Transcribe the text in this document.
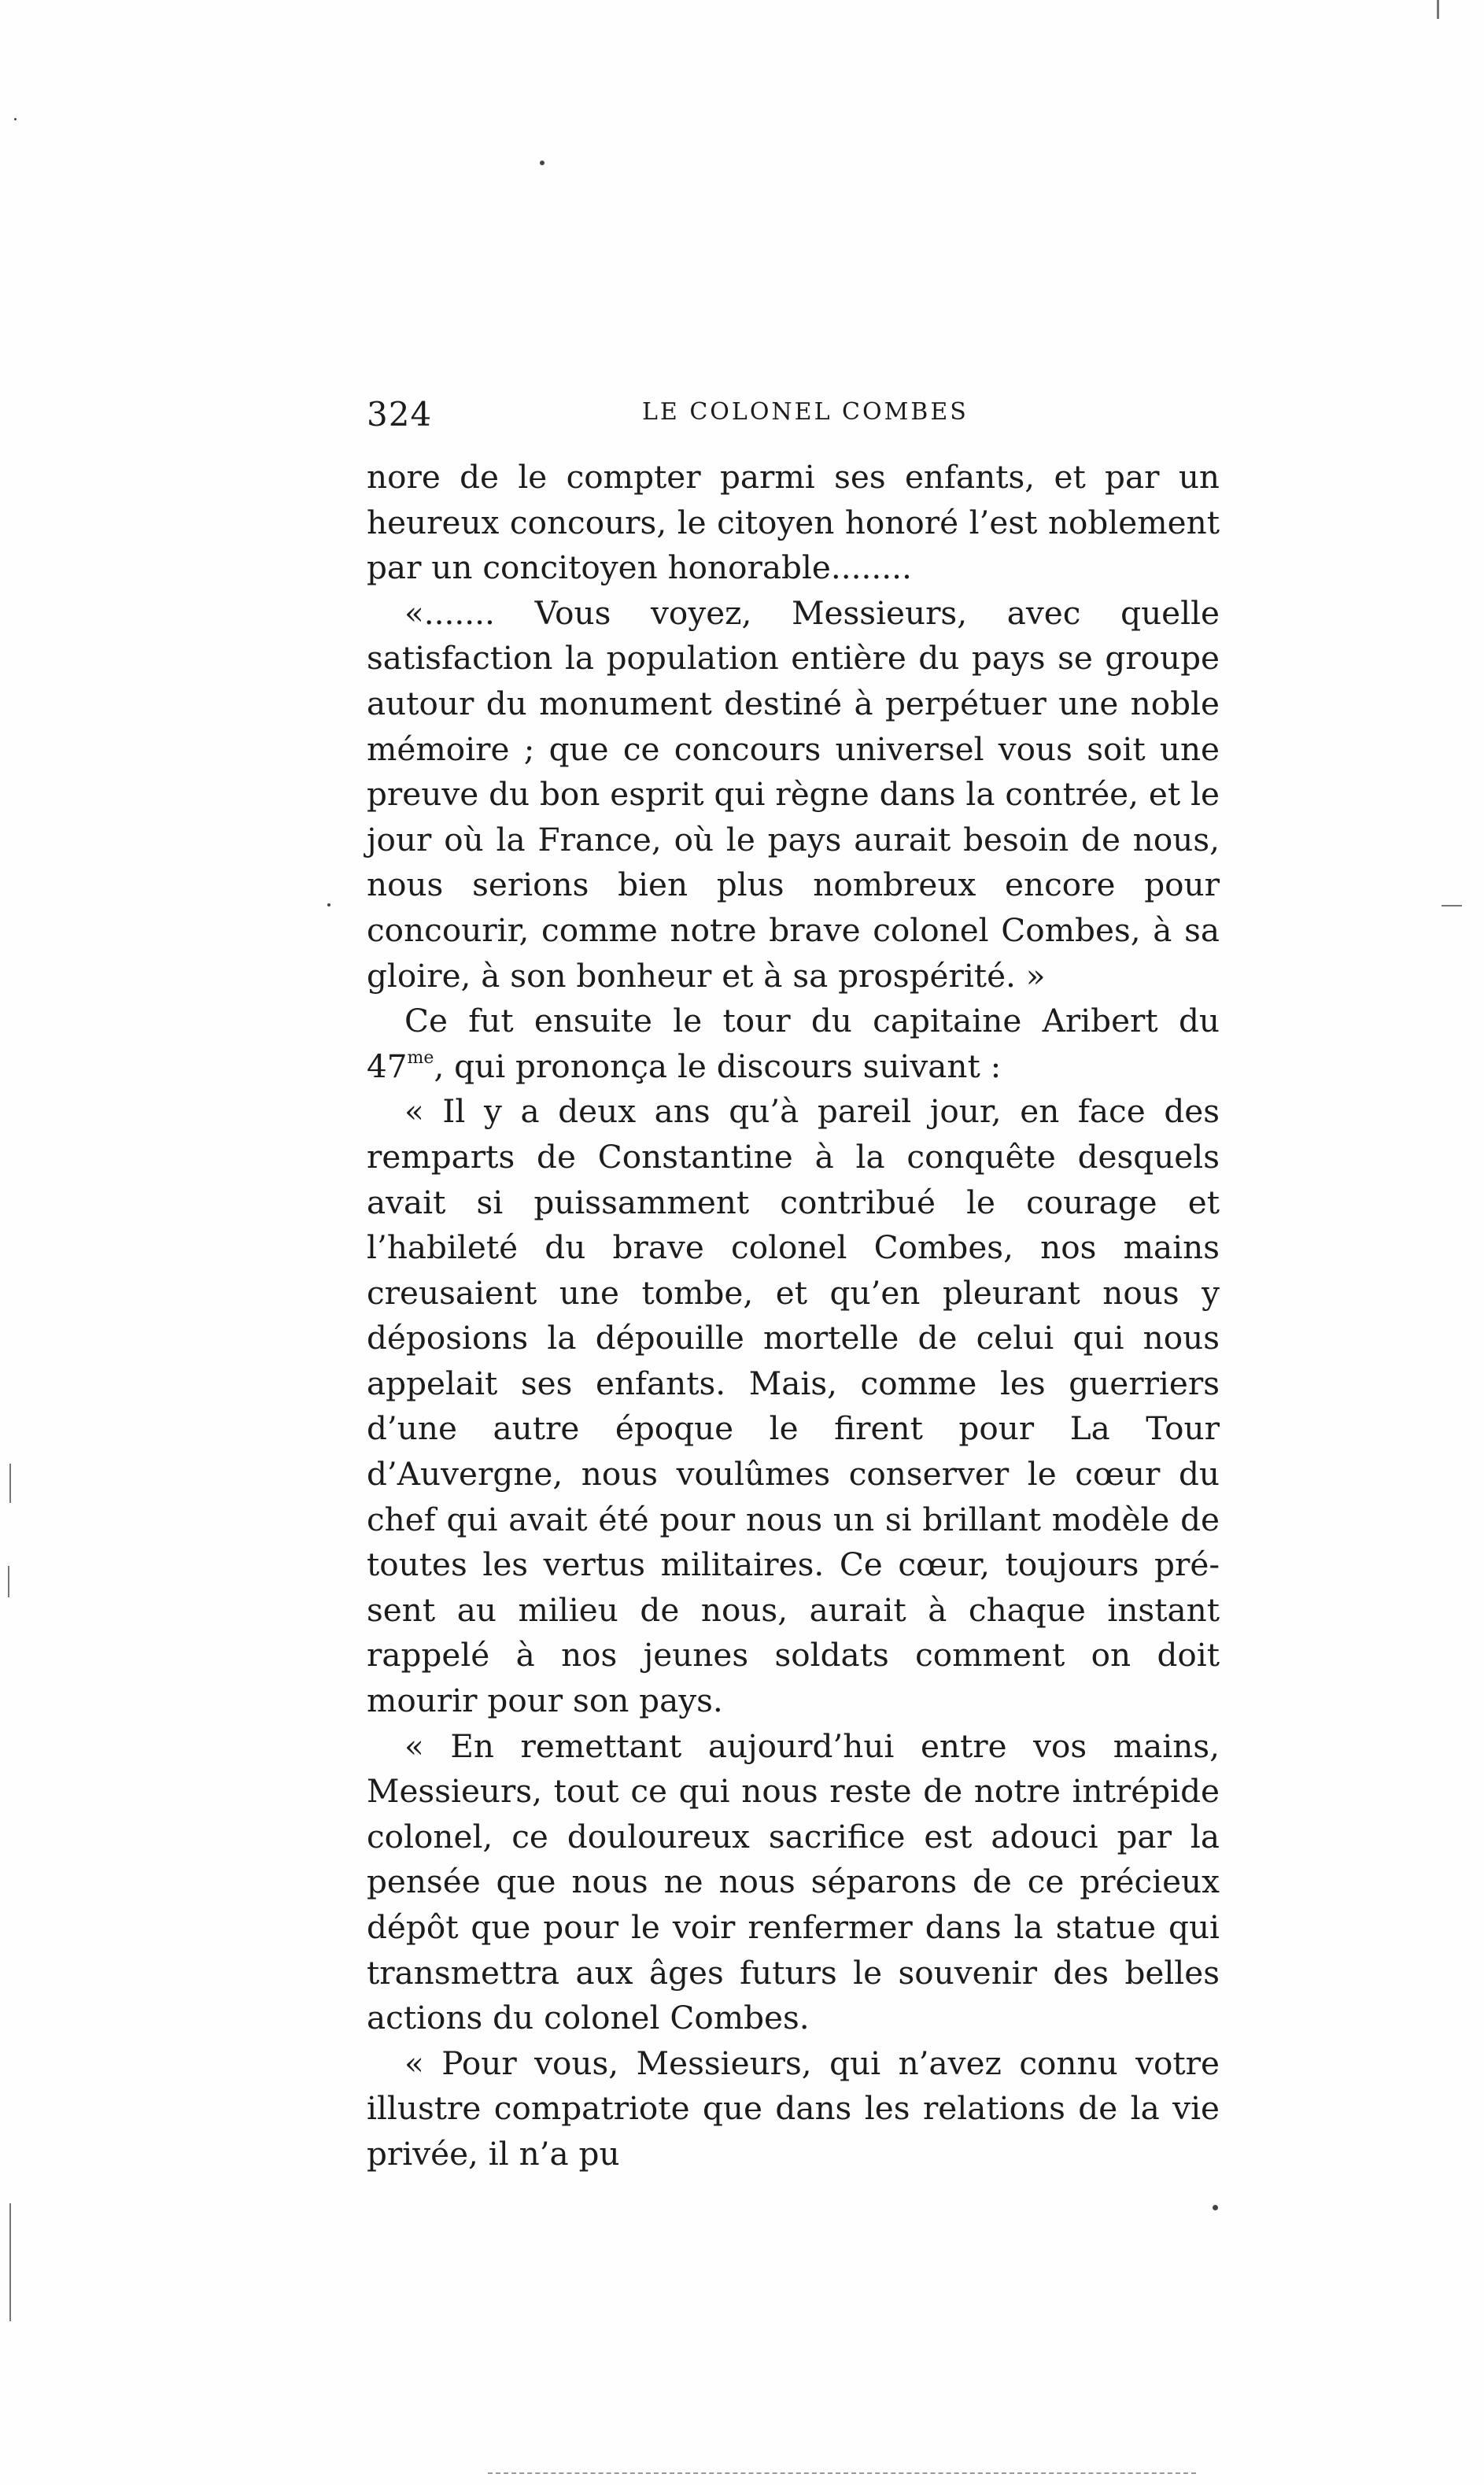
324	LE COLONEL COMBES

nore de le compter parmi ses enfants, et par un heureux concours, le citoyen honoré l’est noblement par un concitoyen honorable........

«....... Vous voyez, Messieurs, avec quelle satisfaction la population entière du pays se groupe autour du monument destiné à perpétuer une noble mémoire ; que ce concours universel vous soit une preuve du bon esprit qui règne dans la contrée, et le jour où la France, où le pays aurait besoin de nous, nous serions bien plus nombreux encore pour concourir, comme notre brave colonel Combes, à sa gloire, à son bonheur et à sa prospérité. »

Ce fut ensuite le tour du capitaine Aribert du $47^{me}$, qui prononça le discours suivant :

« Il y a deux ans qu’à pareil jour, en face des remparts de Constantine à la conquête desquels avait si puissamment contribué le courage et l’habileté du brave colonel Combes, nos mains creusaient une tombe, et qu’en pleurant nous y déposions la dépouille mortelle de celui qui nous appelait ses enfants. Mais, comme les guerriers d’une autre époque le firent pour La Tour d’Auvergne, nous voulûmes conserver le cœur du chef qui avait été pour nous un si brillant modèle de toutes les vertus militaires. Ce cœur, toujours présent au milieu de nous, aurait à chaque instant rappelé à nos jeunes soldats comment on doit mourir pour son pays.

« En remettant aujourd’hui entre vos mains, Messieurs, tout ce qui nous reste de notre intrépide colonel, ce douloureux sacrifice est adouci par la pensée que nous ne nous séparons de ce précieux dépôt que pour le voir renfermer dans la statue qui transmettra aux âges futurs le souvenir des belles actions du colonel Combes.

« Pour vous, Messieurs, qui n’avez connu votre illustre compatriote que dans les relations de la vie privée, il n’a pu
